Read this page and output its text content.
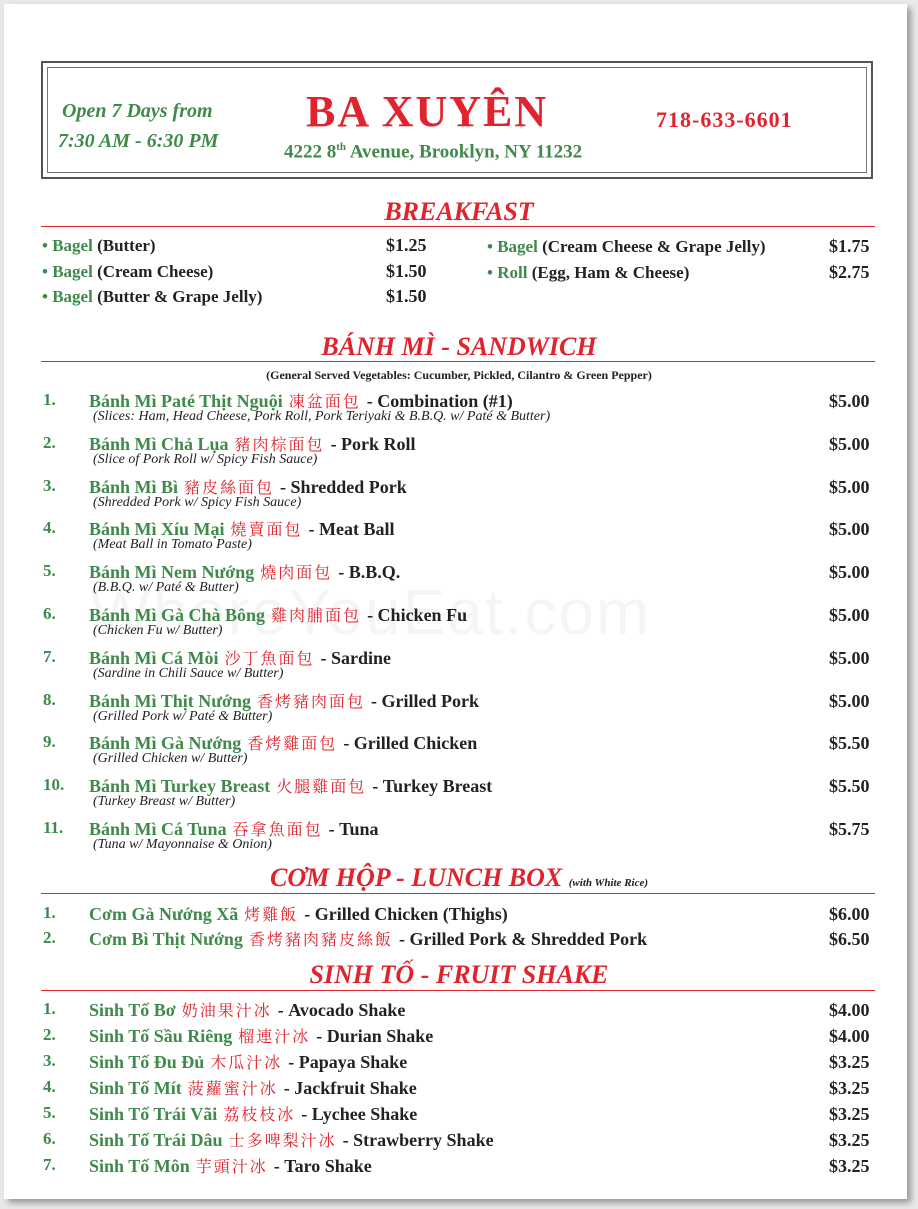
Open 7 Days from
7:30 AM - 6:30 PM
BA XUYÊN
4222 8th Avenue, Brooklyn, NY 11232
718-633-6601
BREAKFAST
• Bagel (Butter)	$1.25
• Bagel (Cream Cheese)	$1.50
• Bagel (Butter & Grape Jelly)	$1.50
• Bagel (Cream Cheese & Grape Jelly)	$1.75
• Roll (Egg, Ham & Cheese)	$2.75
BÁNH MÌ - SANDWICH
(General Served Vegetables: Cucumber, Pickled, Cilantro & Green Pepper)
1. Bánh Mì Paté Thịt Nguội 凍盆面包 - Combination (#1)	$5.00
(Slices: Ham, Head Cheese, Pork Roll, Pork Teriyaki & B.B.Q. w/ Paté & Butter)
2. Bánh Mì Chả Lụa 豬肉棕面包 - Pork Roll	$5.00
(Slice of Pork Roll w/ Spicy Fish Sauce)
3. Bánh Mì Bì 豬皮絲面包 - Shredded Pork	$5.00
(Shredded Pork w/ Spicy Fish Sauce)
4. Bánh Mì Xíu Mại 燒賣面包 - Meat Ball	$5.00
(Meat Ball in Tomato Paste)
5. Bánh Mì Nem Nướng 燒肉面包 - B.B.Q.	$5.00
(B.B.Q. w/ Paté & Butter)
6. Bánh Mì Gà Chà Bông 雞肉脯面包 - Chicken Fu	$5.00
(Chicken Fu w/ Butter)
7. Bánh Mì Cá Mòi 沙丁魚面包 - Sardine	$5.00
(Sardine in Chili Sauce w/ Butter)
8. Bánh Mì Thịt Nướng 香烤豬肉面包 - Grilled Pork	$5.00
(Grilled Pork w/ Paté & Butter)
9. Bánh Mì Gà Nướng 香烤雞面包 - Grilled Chicken	$5.50
(Grilled Chicken w/ Butter)
10. Bánh Mì Turkey Breast 火腿雞面包 - Turkey Breast	$5.50
(Turkey Breast w/ Butter)
11. Bánh Mì Cá Tuna 吞拿魚面包 - Tuna	$5.75
(Tuna w/ Mayonnaise & Onion)
CƠM HỘP - LUNCH BOX (with White Rice)
1. Cơm Gà Nướng Xã 烤雞飯 - Grilled Chicken (Thighs)	$6.00
2. Cơm Bì Thịt Nướng 香烤豬肉豬皮絲飯 - Grilled Pork & Shredded Pork	$6.50
SINH TỐ - FRUIT SHAKE
1. Sinh Tố Bơ 奶油果汁冰 - Avocado Shake	$4.00
2. Sinh Tố Sầu Riêng 榴連汁冰 - Durian Shake	$4.00
3. Sinh Tố Đu Đủ 木瓜汁冰 - Papaya Shake	$3.25
4. Sinh Tố Mít 菠蘿蜜汁冰 - Jackfruit Shake	$3.25
5. Sinh Tố Trái Vãi 荔枝枝冰 - Lychee Shake	$3.25
6. Sinh Tố Trái Dâu 士多啤梨汁冰 - Strawberry Shake	$3.25
7. Sinh Tố Môn 芋頭汁冰 - Taro Shake	$3.25
